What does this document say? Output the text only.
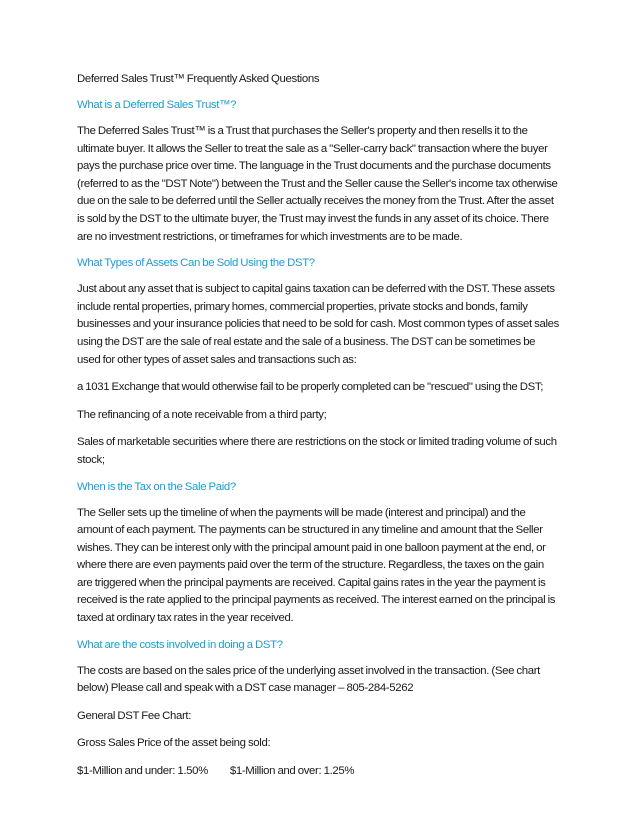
Deferred Sales Trust™ Frequently Asked Questions
What is a Deferred Sales Trust™?

The Deferred Sales Trust™ is a Trust that purchases the Seller's property and then resells it to the ultimate buyer. It allows the Seller to treat the sale as a "Seller-carry back" transaction where the buyer pays the purchase price over time. The language in the Trust documents and the purchase documents (referred to as the "DST Note") between the Trust and the Seller cause the Seller's income tax otherwise due on the sale to be deferred until the Seller actually receives the money from the Trust. After the asset is sold by the DST to the ultimate buyer, the Trust may invest the funds in any asset of its choice. There are no investment restrictions, or timeframes for which investments are to be made.

What Types of Assets Can be Sold Using the DST?

Just about any asset that is subject to capital gains taxation can be deferred with the DST. These assets include rental properties, primary homes, commercial properties, private stocks and bonds, family businesses and your insurance policies that need to be sold for cash. Most common types of asset sales using the DST are the sale of real estate and the sale of a business. The DST can be sometimes be used for other types of asset sales and transactions such as:

a 1031 Exchange that would otherwise fail to be properly completed can be "rescued" using the DST;

The refinancing of a note receivable from a third party;

Sales of marketable securities where there are restrictions on the stock or limited trading volume of such stock;

When is the Tax on the Sale Paid?

The Seller sets up the timeline of when the payments will be made (interest and principal) and the amount of each payment. The payments can be structured in any timeline and amount that the Seller wishes. They can be interest only with the principal amount paid in one balloon payment at the end, or where there are even payments paid over the term of the structure. Regardless, the taxes on the gain are triggered when the principal payments are received. Capital gains rates in the year the payment is received is the rate applied to the principal payments as received. The interest earned on the principal is taxed at ordinary tax rates in the year received.

What are the costs involved in doing a DST?

The costs are based on the sales price of the underlying asset involved in the transaction. (See chart below) Please call and speak with a DST case manager – 805-284-5262

General DST Fee Chart:

Gross Sales Price of the asset being sold:

$1-Million and under: 1.50% $1-Million and over: 1.25%
